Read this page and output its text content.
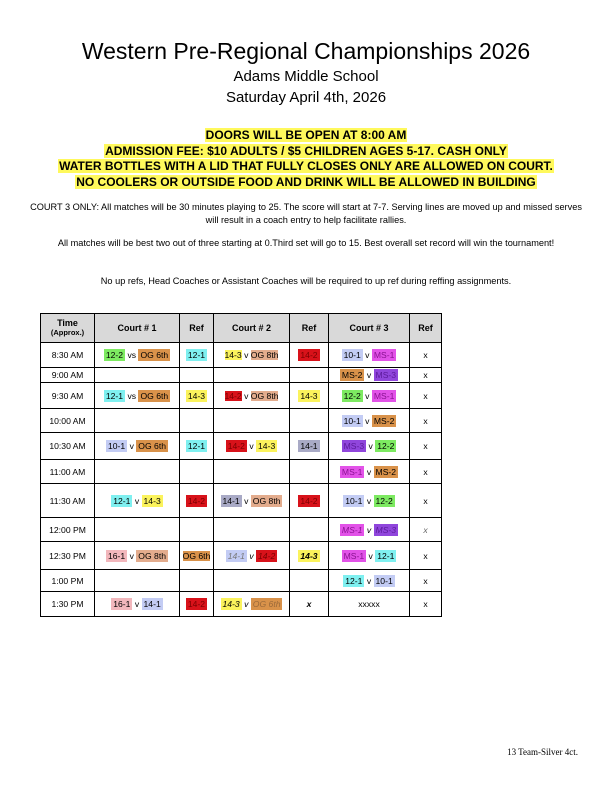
Western Pre-Regional Championships 2026
Adams Middle School
Saturday April 4th, 2026
DOORS WILL BE OPEN AT 8:00 AM
ADMISSION FEE: $10 ADULTS / $5 CHILDREN AGES 5-17. CASH ONLY
WATER BOTTLES WITH A LID THAT FULLY CLOSES ONLY ARE ALLOWED ON COURT.
NO COOLERS OR OUTSIDE FOOD AND DRINK WILL BE ALLOWED IN BUILDING
COURT 3 ONLY: All matches will be 30 minutes playing to 25. The score will start at 7-7. Serving lines are moved up and missed serves will result in a coach entry to help facilitate rallies.
All matches will be best two out of three starting at 0.Third set will go to 15. Best overall set record will win the tournament!
No up refs, Head Coaches or Assistant Coaches will be required to up ref during reffing assignments.
Time
(Approx.)	Court # 1	Ref	Court # 2	Ref	Court # 3	Ref
8:30 AM	12-2 vs OG 6th	12-1	14-3 v OG 8th	14-2	10-1 v MS-1	x
9:00 AM					MS-2 v MS-3	x
9:30 AM	12-1 vs OG 6th	14-3	14-2 v OG 8th	14-3	12-2 v MS-1	x
10:00 AM					10-1 v MS-2	x
10:30 AM	10-1 v OG 6th	12-1	14-2 v 14-3	14-1	MS-3 v 12-2	x
11:00 AM					MS-1 v MS-2	x
11:30 AM	12-1 v 14-3	14-2	14-1 v OG 8th	14-2	10-1 v 12-2	x
12:00 PM					MS-1 v MS-3	x
12:30 PM	16-1 v OG 8th	OG 6th	14-1 v 14-2	14-3	MS-1 v 12-1	x
1:00 PM					12-1 v 10-1	x
1:30 PM	16-1 v 14-1	14-2	14-3 v OG 6th	x	xxxxx	x
13 Team-Silver 4ct.
